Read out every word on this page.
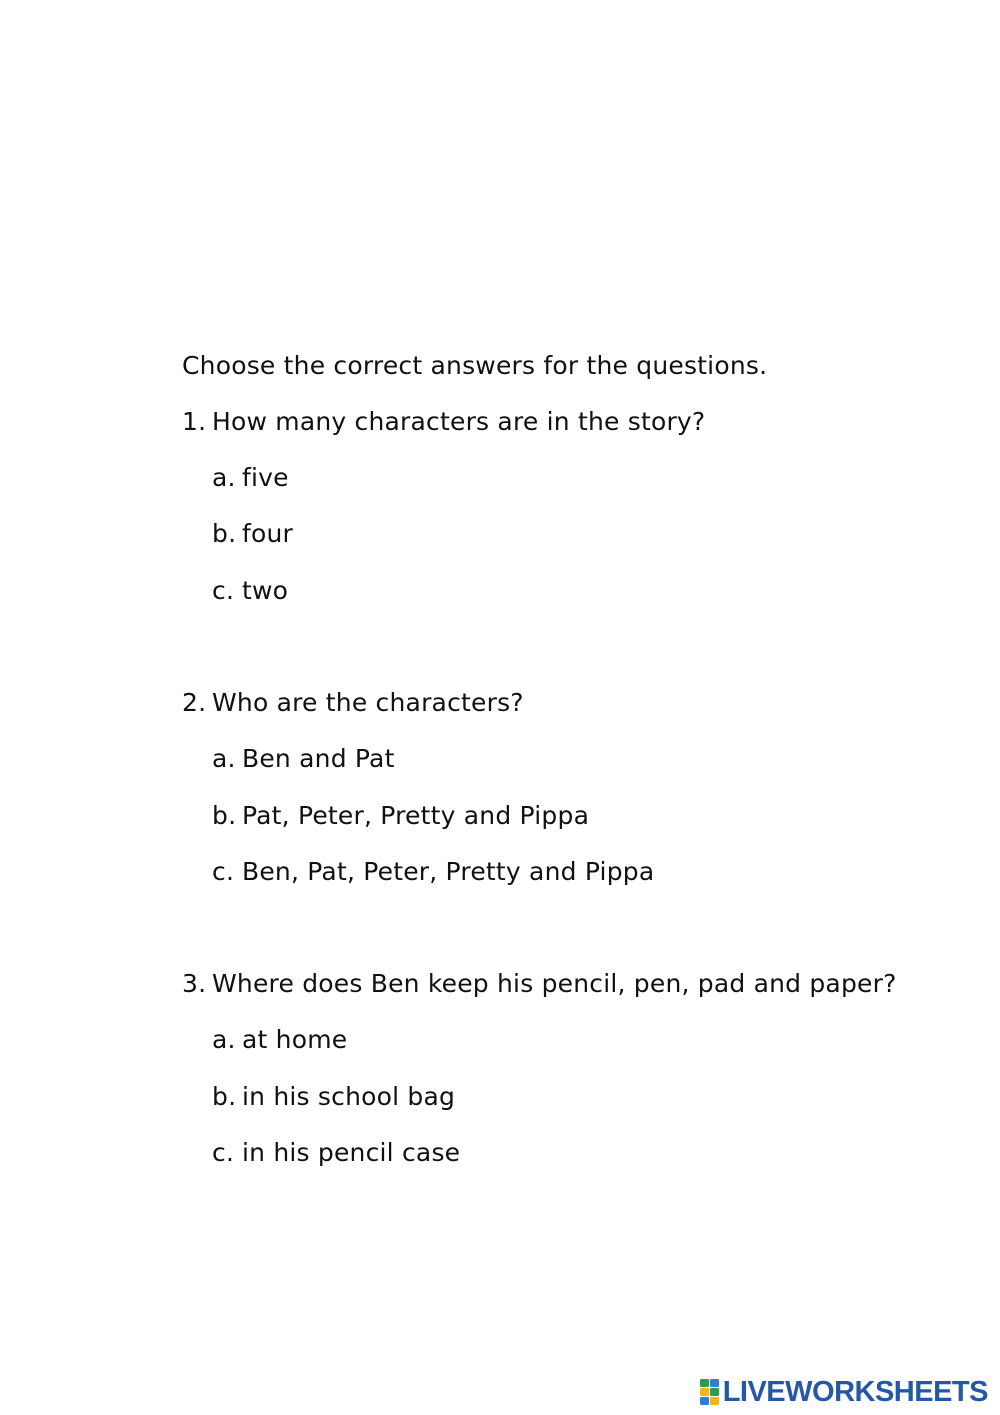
Choose the correct answers for the questions.
1. How many characters are in the story?
a. five
b. four
c. two
2. Who are the characters?
a. Ben and Pat
b. Pat, Peter, Pretty and Pippa
c. Ben, Pat, Peter, Pretty and Pippa
3. Where does Ben keep his pencil, pen, pad and paper?
a. at home
b. in his school bag
c. in his pencil case
LIVEWORKSHEETS
